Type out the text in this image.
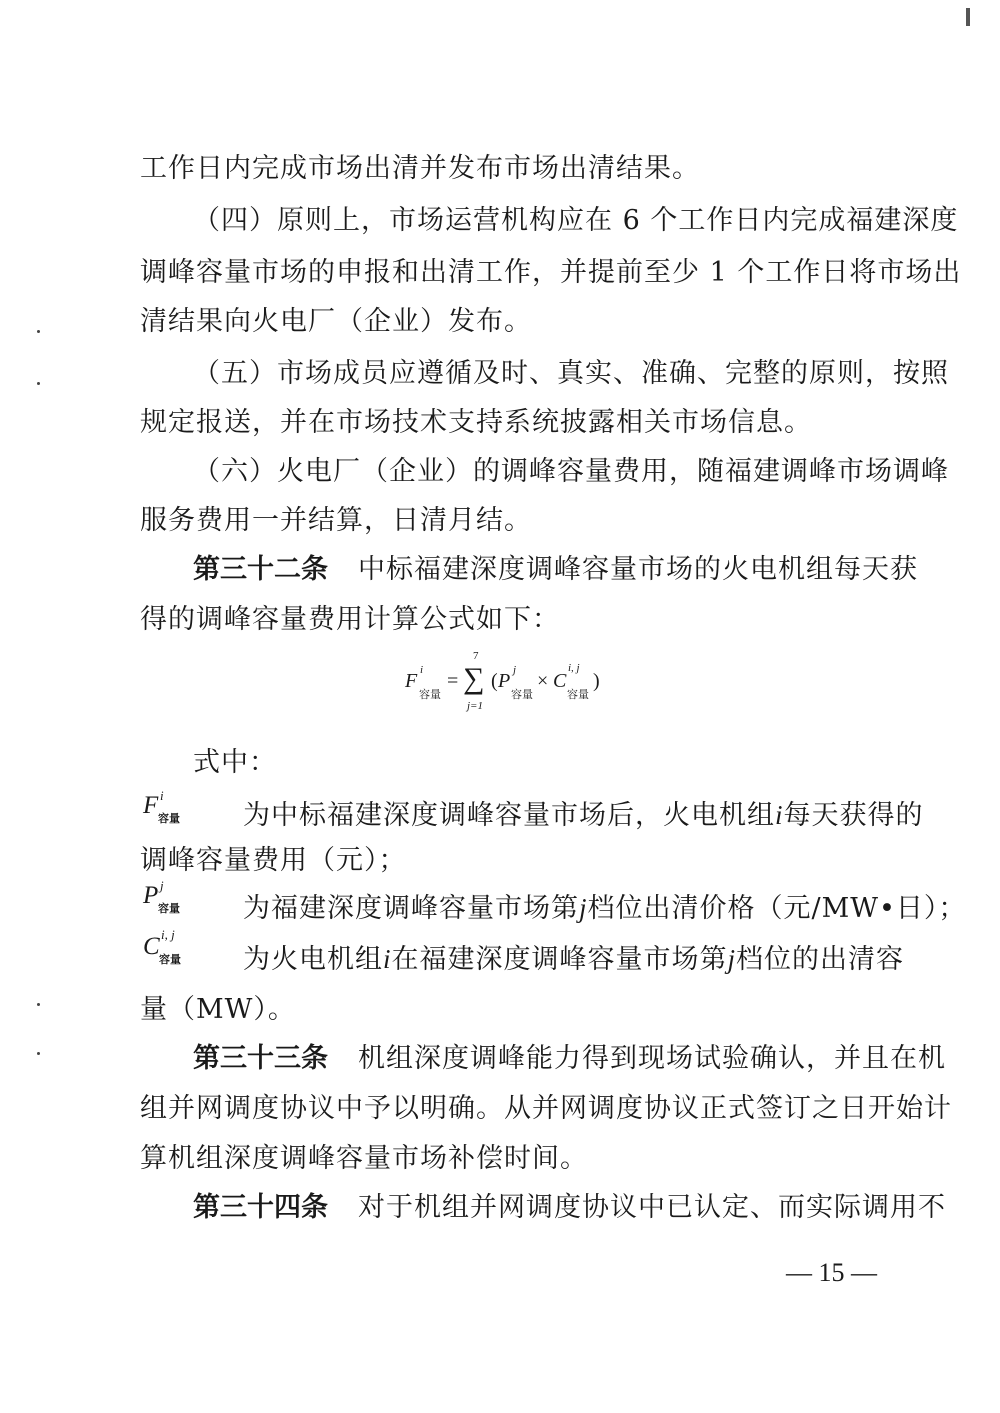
工作日内完成市场出清并发布市场出清结果。
（四）原则上，市场运营机构应在 6 个工作日内完成福建深度
调峰容量市场的申报和出清工作，并提前至少 1 个工作日将市场出
清结果向火电厂（企业）发布。
（五）市场成员应遵循及时、真实、准确、完整的原则，按照
规定报送，并在市场技术支持系统披露相关市场信息。
（六）火电厂（企业）的调峰容量费用，随福建调峰市场调峰
服务费用一并结算，日清月结。
第三十二条 中标福建深度调峰容量市场的火电机组每天获
得的调峰容量费用计算公式如下：
F i
容量
=
7
∑
j=1
( P j
容量
× C
i, j
容量
)
式中：
F i
容量 为中标福建深度调峰容量市场后，火电机组i每天获得的
调峰容量费用（元）；
P j
容量 为福建深度调峰容量市场第j档位出清价格（元/MW•日）；
C i, j
容量 为火电机组i在福建深度调峰容量市场第j档位的出清容
量（MW）。
第三十三条 机组深度调峰能力得到现场试验确认，并且在机
组并网调度协议中予以明确。从并网调度协议正式签订之日开始计
算机组深度调峰容量市场补偿时间。
第三十四条 对于机组并网调度协议中已认定、而实际调用不
— 15 —
